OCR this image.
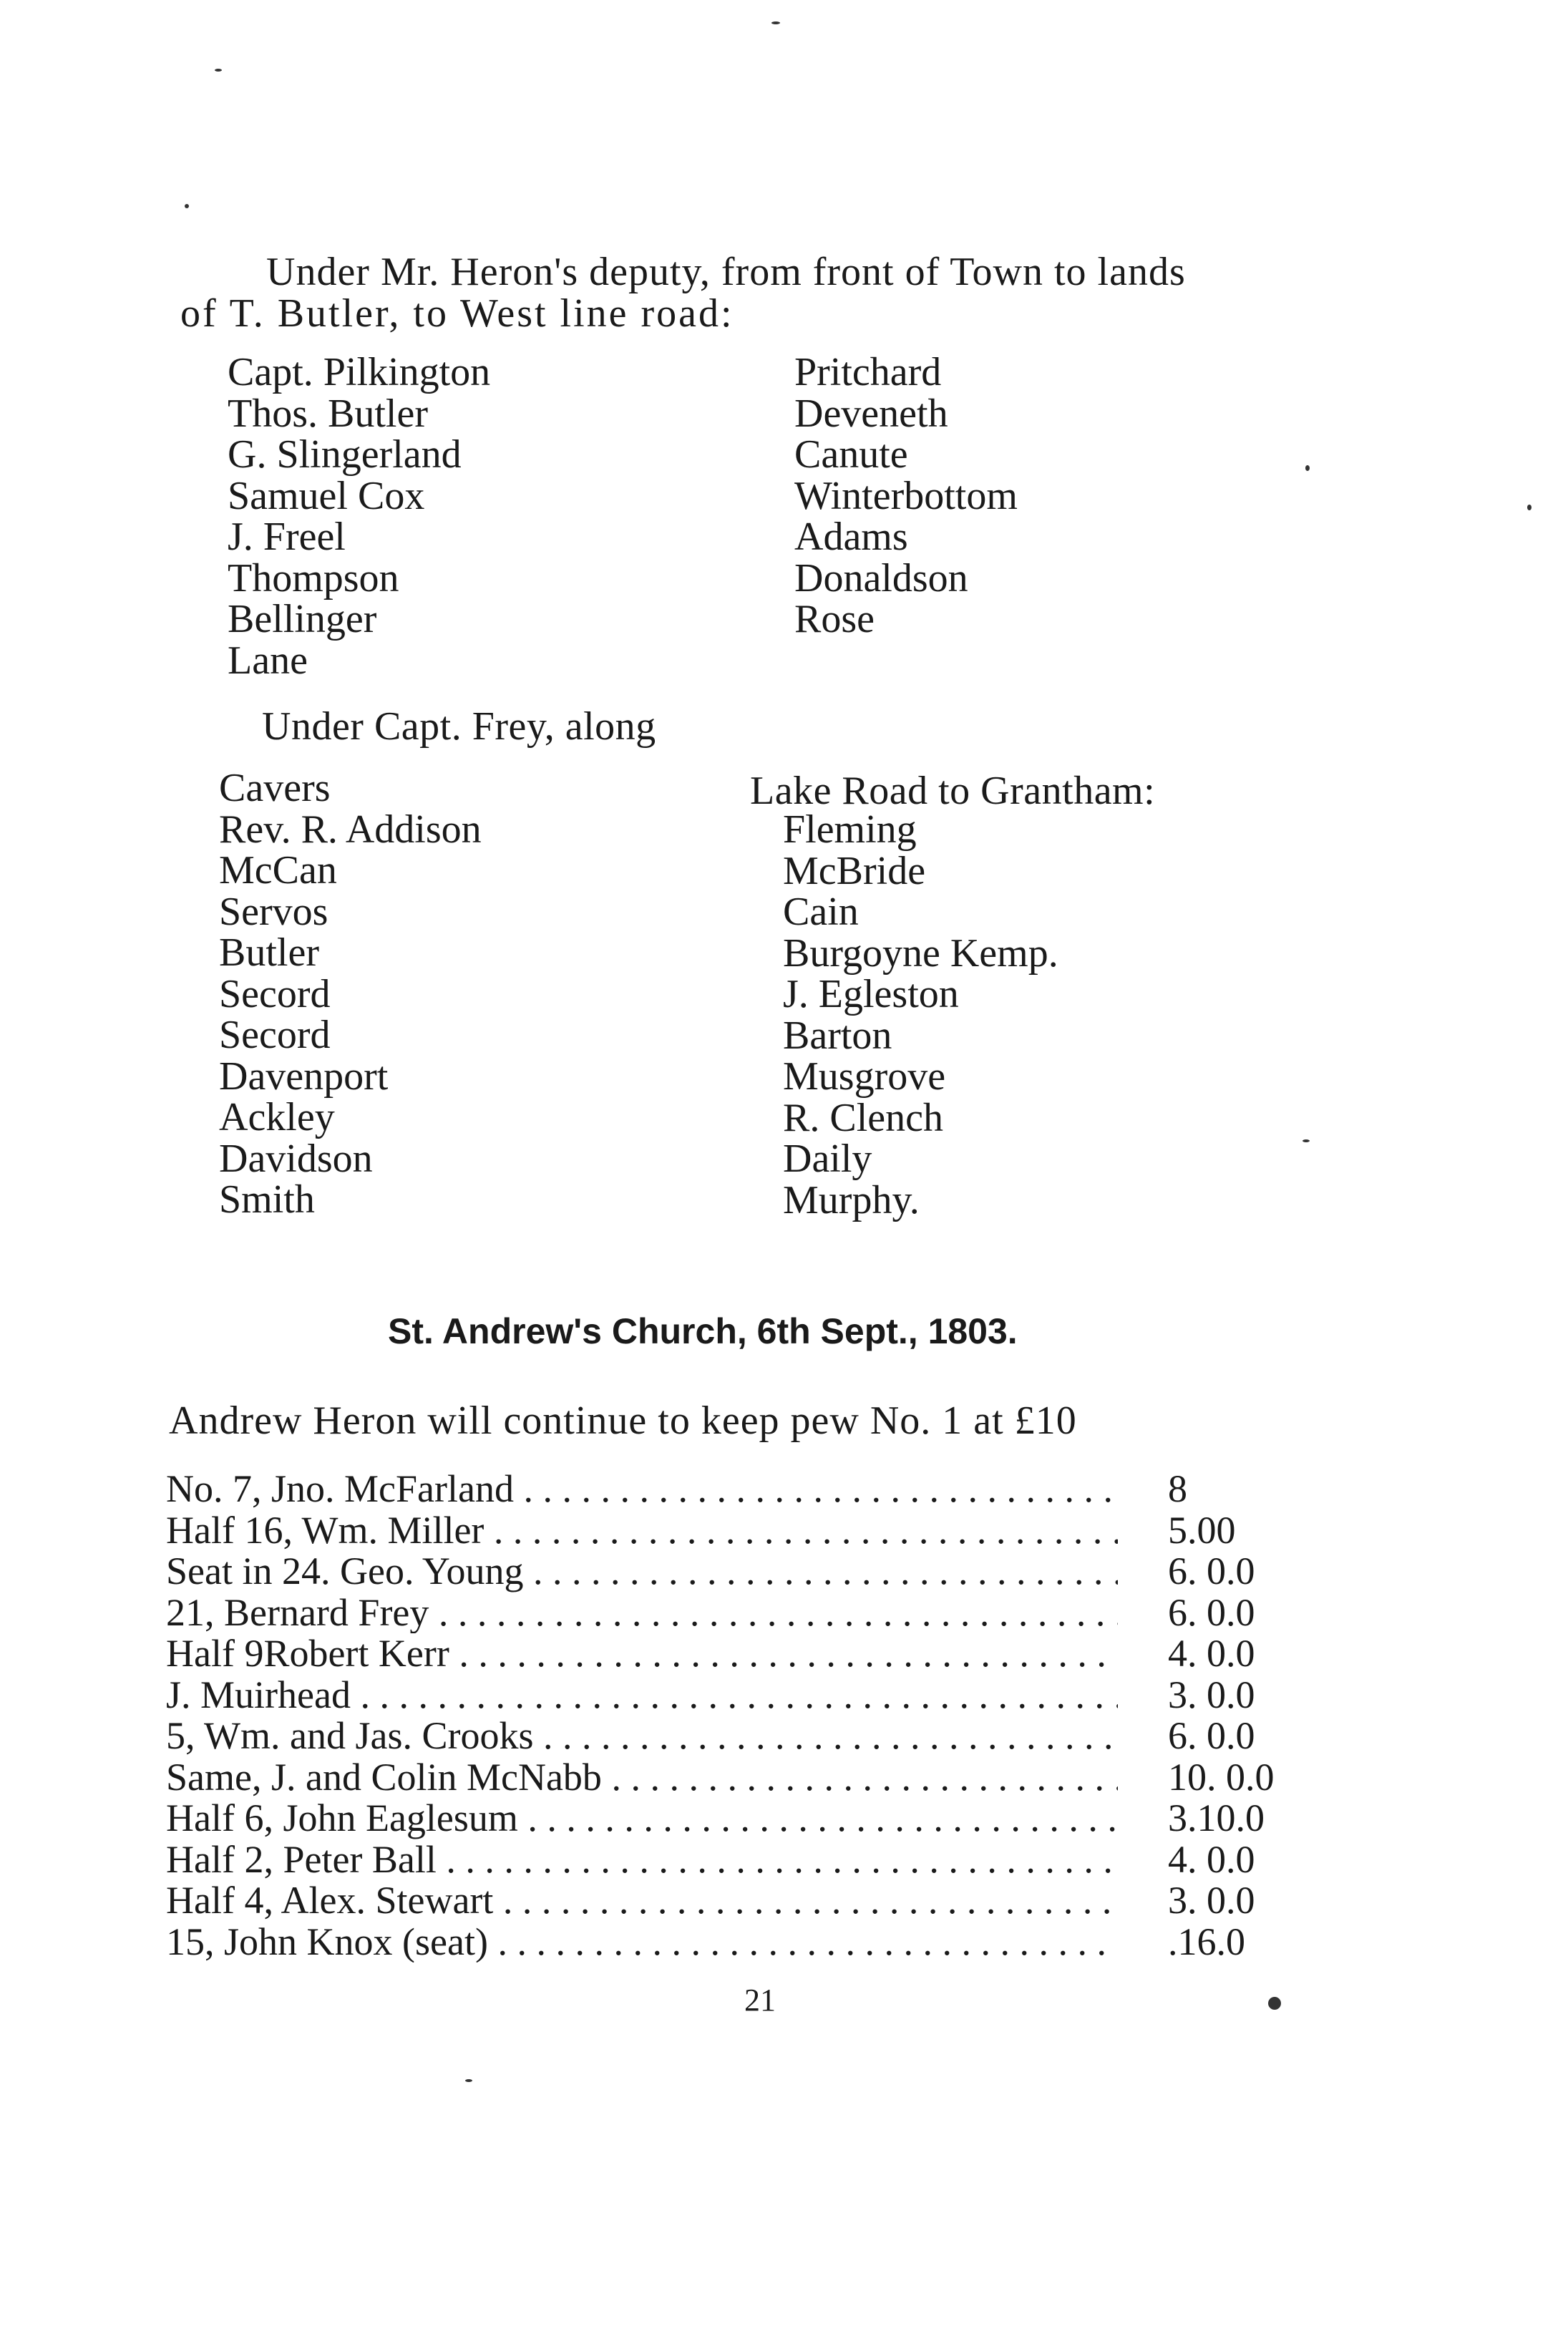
Under Mr. Heron's deputy, from front of Town to lands
of T. Butler, to West line road:
Capt. Pilkington
Thos. Butler
G. Slingerland
Samuel Cox
J. Freel
Thompson
Bellinger
Lane
Pritchard
Deveneth
Canute
Winterbottom
Adams
Donaldson
Rose
Under Capt. Frey, along
Lake Road to Grantham:
Cavers
Rev. R. Addison
McCan
Servos
Butler
Secord
Secord
Davenport
Ackley
Davidson
Smith
Fleming
McBride
Cain
Burgoyne Kemp.
J. Egleston
Barton
Musgrove
R. Clench
Daily
Murphy.
St. Andrew's Church, 6th Sept., 1803.
Andrew Heron will continue to keep pew No. 1 at £10
No. 7, Jno. McFarland . . .	8
Half 16, Wm. Miller . . .	5.00
Seat in 24. Geo. Young . . .	6. 0.0
21, Bernard Frey . . .	6. 0.0
Half 9Robert Kerr . . .	4. 0.0
J. Muirhead . . .	3. 0.0
5, Wm. and Jas. Crooks . . .	6. 0.0
Same, J. and Colin McNabb . . .	10. 0.0
Half 6, John Eaglesum . . .	3.10.0
Half 2, Peter Ball . . .	4. 0.0
Half 4, Alex. Stewart . . .	3. 0.0
15, John Knox (seat) . . .	.16.0
21
